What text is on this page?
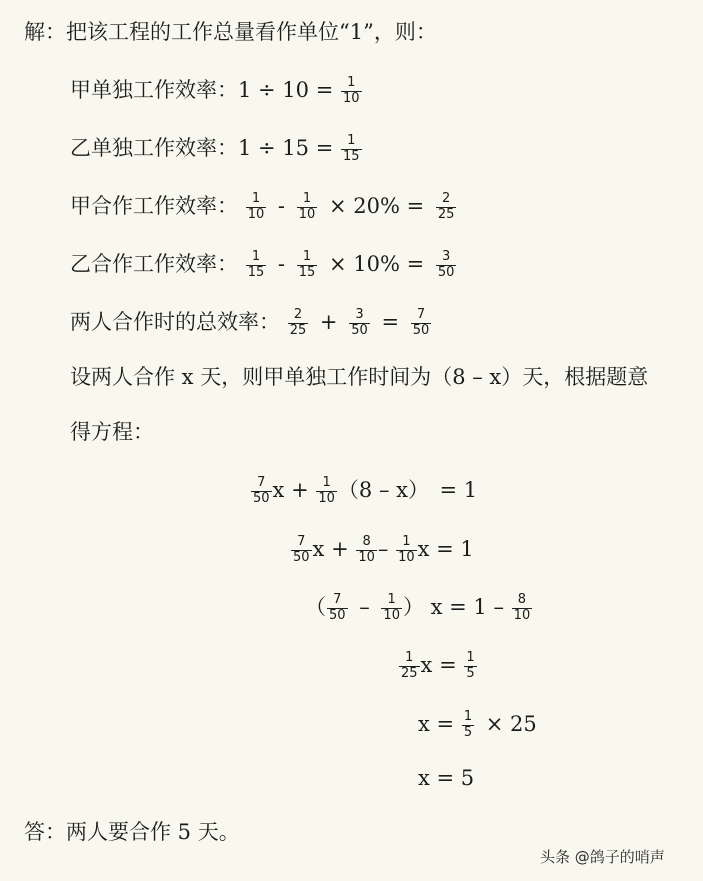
解：把该工程的工作总量看作单位“1”，则：
甲单独工作效率：$1 \div 10 = \frac{1}{10}$
乙单独工作效率：$1 \div 15 = \frac{1}{15}$
甲合作工作效率： $\frac{1}{10} - \frac{1}{10} \times 20\% = \frac{2}{25}$
乙合作工作效率： $\frac{1}{15} - \frac{1}{15} \times 10\% = \frac{3}{50}$
两人合作时的总效率： $\frac{2}{25} + \frac{3}{50} = \frac{7}{50}$
设两人合作 x 天，则甲单独工作时间为（8 – x）天，根据题意
得方程：
$\frac{7}{50}$ $x + \frac{1}{10} (8 - x)$　= 1
$\frac{7}{50}$ $x + \frac{8}{10} - \frac{1}{10}$ x = 1
（ $\frac{7}{50} - \frac{1}{10}$ ） $x = 1 - \frac{8}{10}$
$\frac{1}{25}$ $x = \frac{1}{5}$
$x = \frac{1}{5} \times 25$
x = 5
答：两人要合作 5 天。
头条 @鸽子的哨声
